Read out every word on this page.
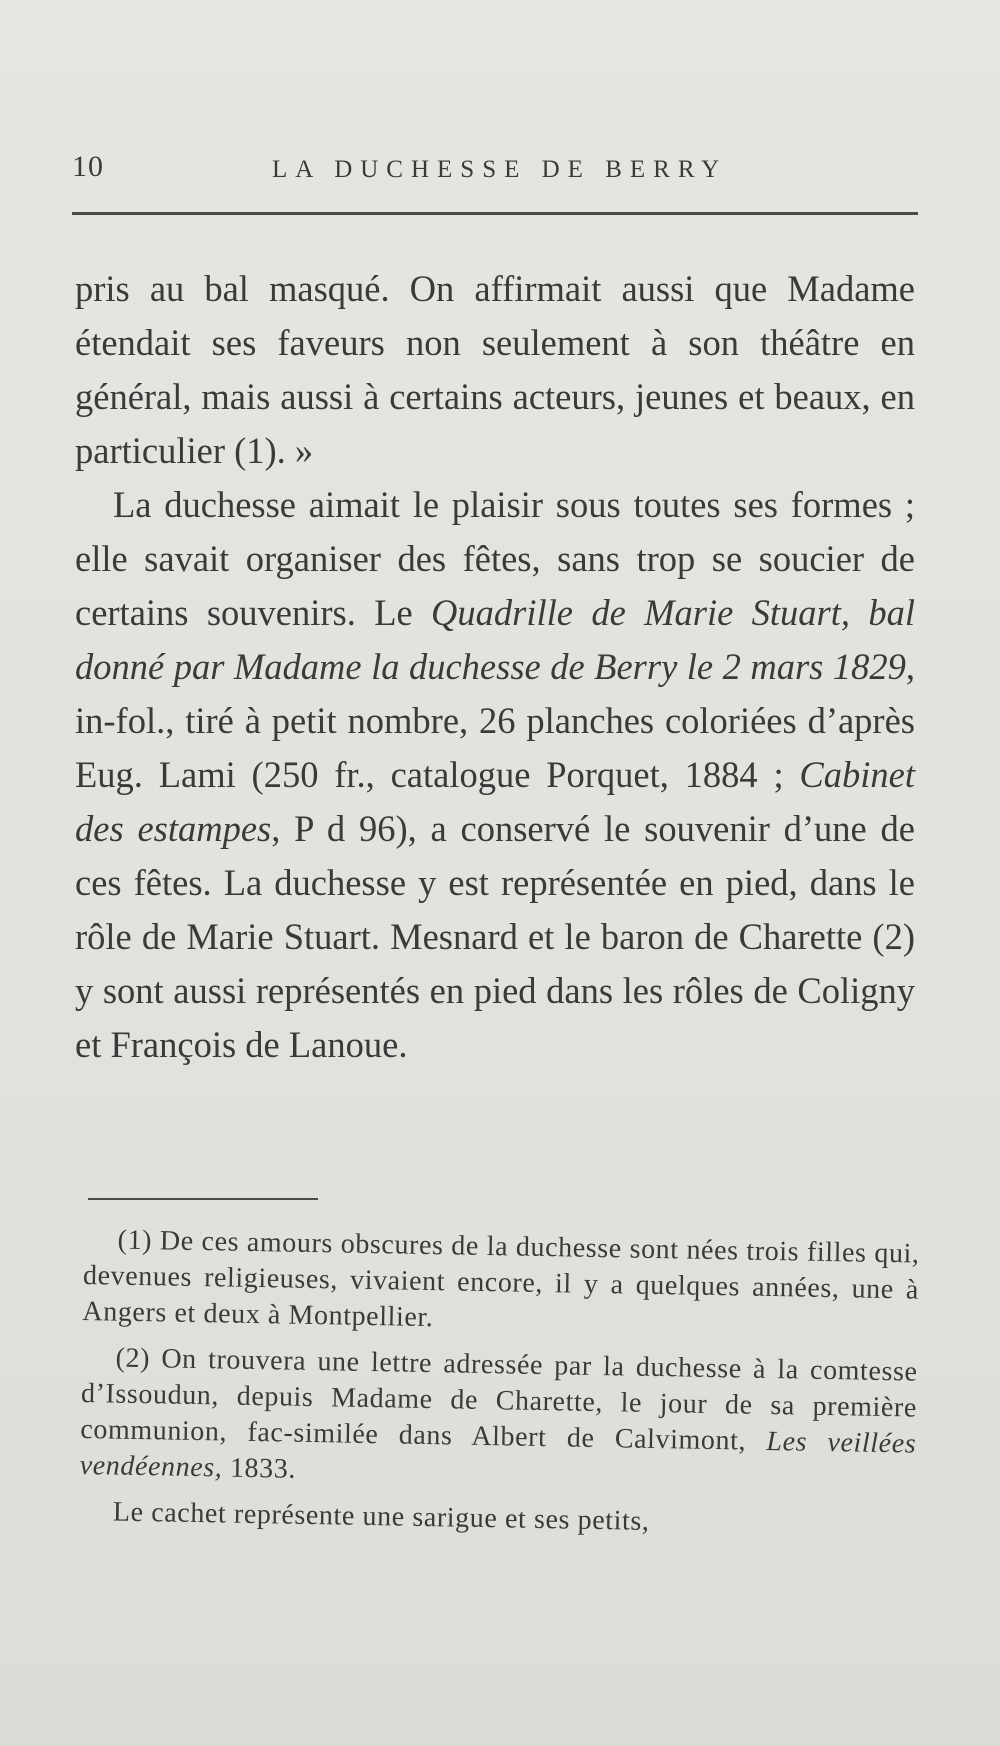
10	LA DUCHESSE DE BERRY

pris au bal masqué. On affirmait aussi que Madame étendait ses faveurs non seulement à son théâtre en général, mais aussi à certains acteurs, jeunes et beaux, en particulier (1). »

La duchesse aimait le plaisir sous toutes ses formes ; elle savait organiser des fêtes, sans trop se soucier de certains souvenirs. Le Quadrille de Marie Stuart, bal donné par Madame la duchesse de Berry le 2 mars 1829, in-fol., tiré à petit nombre, 26 planches coloriées d’après Eug. Lami (250 fr., catalogue Porquet, 1884 ; Cabinet des estampes, P d 96), a conservé le souvenir d’une de ces fêtes. La duchesse y est représentée en pied, dans le rôle de Marie Stuart. Mesnard et le baron de Charette (2) y sont aussi représentés en pied dans les rôles de Coligny et François de Lanoue.

(1) De ces amours obscures de la duchesse sont nées trois filles qui, devenues religieuses, vivaient encore, il y a quelques années, une à Angers et deux à Montpellier.

(2) On trouvera une lettre adressée par la duchesse à la comtesse d’Issoudun, depuis Madame de Charette, le jour de sa première communion, fac-similée dans Albert de Calvimont, Les veillées vendéennes, 1833.

Le cachet représente une sarigue et ses petits,
